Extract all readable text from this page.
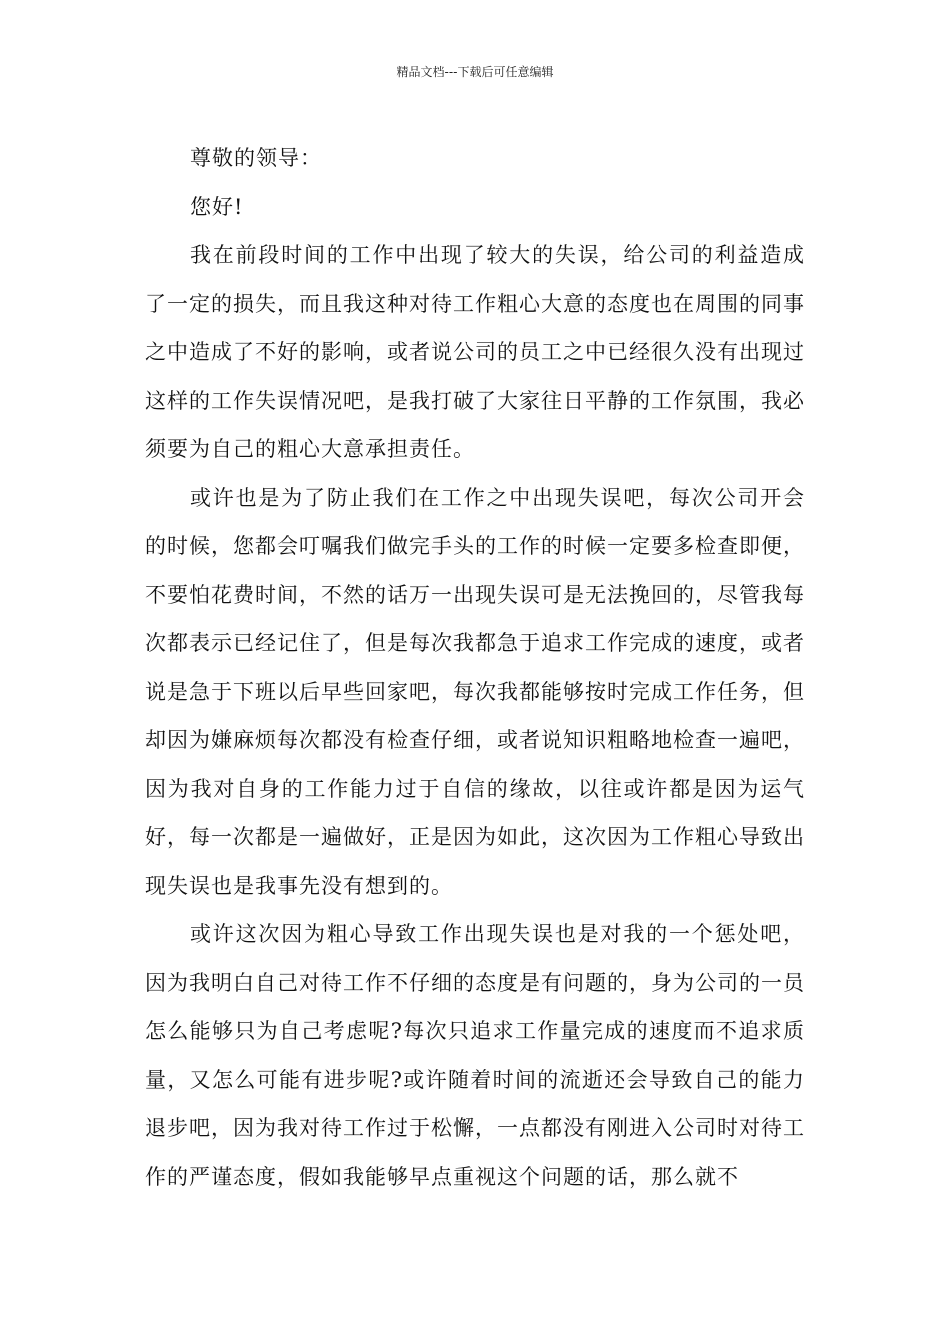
精品文档---下载后可任意编辑

尊敬的领导：

您好!

我在前段时间的工作中出现了较大的失误，给公司的利益造成了一定的损失，而且我这种对待工作粗心大意的态度也在周围的同事之中造成了不好的影响，或者说公司的员工之中已经很久没有出现过这样的工作失误情况吧，是我打破了大家往日平静的工作氛围，我必须要为自己的粗心大意承担责任。

或许也是为了防止我们在工作之中出现失误吧，每次公司开会的时候，您都会叮嘱我们做完手头的工作的时候一定要多检查即便，不要怕花费时间，不然的话万一出现失误可是无法挽回的，尽管我每次都表示已经记住了，但是每次我都急于追求工作完成的速度，或者说是急于下班以后早些回家吧，每次我都能够按时完成工作任务，但却因为嫌麻烦每次都没有检查仔细，或者说知识粗略地检查一遍吧，因为我对自身的工作能力过于自信的缘故，以往或许都是因为运气好，每一次都是一遍做好，正是因为如此，这次因为工作粗心导致出现失误也是我事先没有想到的。

或许这次因为粗心导致工作出现失误也是对我的一个惩处吧，因为我明白自己对待工作不仔细的态度是有问题的，身为公司的一员怎么能够只为自己考虑呢?每次只追求工作量完成的速度而不追求质量，又怎么可能有进步呢?或许随着时间的流逝还会导致自己的能力退步吧，因为我对待工作过于松懈，一点都没有刚进入公司时对待工作的严谨态度，假如我能够早点重视这个问题的话，那么就不
